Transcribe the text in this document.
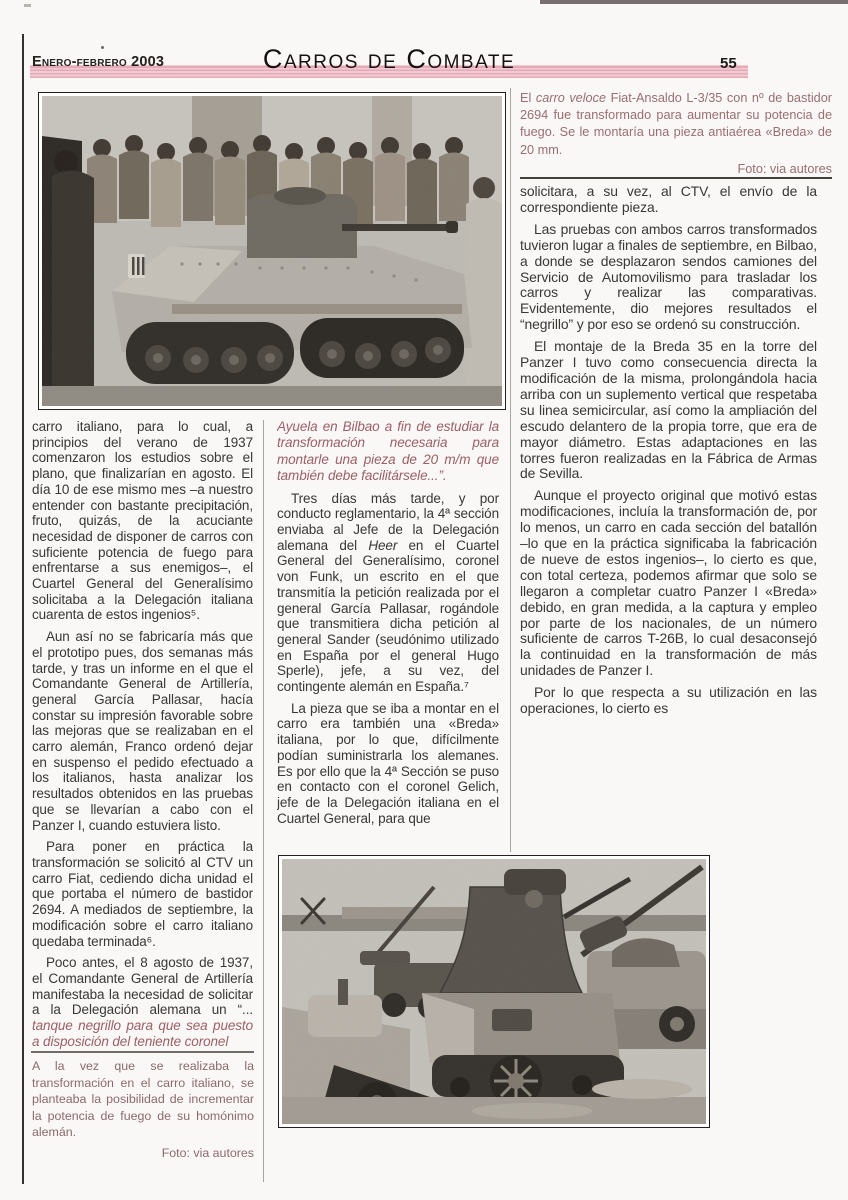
Enero-febrero 2003	Carros de Combate	55
El carro veloce Fiat-Ansaldo L-3/35 con nº de bastidor 2694 fue transformado para aumentar su potencia de fuego. Se le montaría una pieza antiaérea «Breda» de 20 mm.
Foto: via autores

carro italiano, para lo cual, a principios del verano de 1937 comenzaron los estudios sobre el plano, que finalizarían en agosto. El día 10 de ese mismo mes –a nuestro entender con bastante precipitación, fruto, quizás, de la acuciante necesidad de disponer de carros con suficiente potencia de fuego para enfrentarse a sus enemigos–, el Cuartel General del Generalísimo solicitaba a la Delegación italiana cuarenta de estos ingenios⁵.

Aun así no se fabricaría más que el prototipo pues, dos semanas más tarde, y tras un informe en el que el Comandante General de Artillería, general García Pallasar, hacía constar su impresión favorable sobre las mejoras que se realizaban en el carro alemán, Franco ordenó dejar en suspenso el pedido efectuado a los italianos, hasta analizar los resultados obtenidos en las pruebas que se llevarían a cabo con el Panzer I, cuando estuviera listo.

Para poner en práctica la transformación se solicitó al CTV un carro Fiat, cediendo dicha unidad el que portaba el número de bastidor 2694. A mediados de septiembre, la modificación sobre el carro italiano quedaba terminada⁶.

Poco antes, el 8 agosto de 1937, el Comandante General de Artillería manifestaba la necesidad de solicitar a la Delegación alemana un “... tanque negrillo para que sea puesto a disposición del teniente coronel

A la vez que se realizaba la transformación en el carro italiano, se planteaba la posibilidad de incrementar la potencia de fuego de su homónimo alemán.
Foto: via autores

Ayuela en Bilbao a fin de estudiar la transformación necesaria para montarle una pieza de 20 m/m que también debe facilitársele...”.

Tres días más tarde, y por conducto reglamentario, la 4ª sección enviaba al Jefe de la Delegación alemana del Heer en el Cuartel General del Generalísimo, coronel von Funk, un escrito en el que transmitía la petición realizada por el general García Pallasar, rogándole que transmitiera dicha petición al general Sander (seudónimo utilizado en España por el general Hugo Sperle), jefe, a su vez, del contingente alemán en España.⁷

La pieza que se iba a montar en el carro era también una «Breda» italiana, por lo que, difícilmente podían suministrarla los alemanes. Es por ello que la 4ª Sección se puso en contacto con el coronel Gelich, jefe de la Delegación italiana en el Cuartel General, para que

solicitara, a su vez, al CTV, el envío de la correspondiente pieza.

Las pruebas con ambos carros transformados tuvieron lugar a finales de septiembre, en Bilbao, a donde se desplazaron sendos camiones del Servicio de Automovilismo para trasladar los carros y realizar las comparativas. Evidentemente, dio mejores resultados el “negrillo” y por eso se ordenó su construcción.

El montaje de la Breda 35 en la torre del Panzer I tuvo como consecuencia directa la modificación de la misma, prolongándola hacia arriba con un suplemento vertical que respetaba su linea semicircular, así como la ampliación del escudo delantero de la propia torre, que era de mayor diámetro. Estas adaptaciones en las torres fueron realizadas en la Fábrica de Armas de Sevilla.

Aunque el proyecto original que motivó estas modificaciones, incluía la transformación de, por lo menos, un carro en cada sección del batallón –lo que en la práctica significaba la fabricación de nueve de estos ingenios–, lo cierto es que, con total certeza, podemos afirmar que solo se llegaron a completar cuatro Panzer I «Breda» debido, en gran medida, a la captura y empleo por parte de los nacionales, de un número suficiente de carros T-26B, lo cual desaconsejó la continuidad en la transformación de más unidades de Panzer I.

Por lo que respecta a su utilización en las operaciones, lo cierto es
